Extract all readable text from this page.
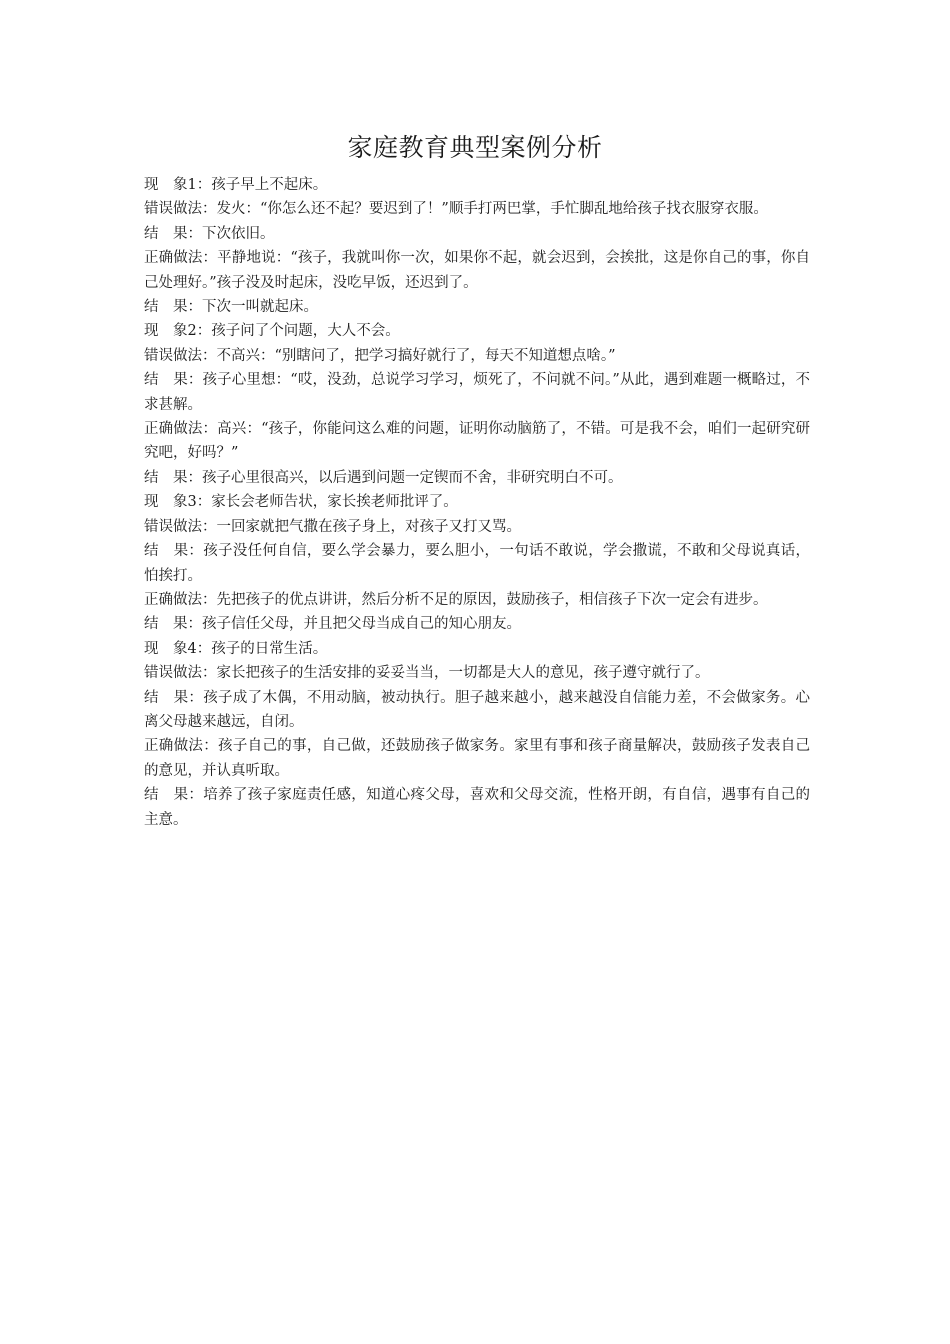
家庭教育典型案例分析

现　象1：孩子早上不起床。

错误做法：发火：“你怎么还不起？要迟到了！”顺手打两巴掌，手忙脚乱地给孩子找衣服穿衣服。

结　果：下次依旧。

正确做法：平静地说：“孩子，我就叫你一次，如果你不起，就会迟到，会挨批，这是你自己的事，你自己处理好。”孩子没及时起床，没吃早饭，还迟到了。

结　果：下次一叫就起床。

现　象2：孩子问了个问题，大人不会。

错误做法：不高兴：“别瞎问了，把学习搞好就行了，每天不知道想点啥。”

结　果：孩子心里想：“哎，没劲，总说学习学习，烦死了，不问就不问。”从此，遇到难题一概略过，不求甚解。

正确做法：高兴：“孩子，你能问这么难的问题，证明你动脑筋了，不错。可是我不会，咱们一起研究研究吧，好吗？”

结　果：孩子心里很高兴，以后遇到问题一定锲而不舍，非研究明白不可。

现　象3：家长会老师告状，家长挨老师批评了。

错误做法：一回家就把气撒在孩子身上，对孩子又打又骂。

结　果：孩子没任何自信，要么学会暴力，要么胆小，一句话不敢说，学会撒谎，不敢和父母说真话，怕挨打。

正确做法：先把孩子的优点讲讲，然后分析不足的原因，鼓励孩子，相信孩子下次一定会有进步。

结　果：孩子信任父母，并且把父母当成自己的知心朋友。

现　象4：孩子的日常生活。

错误做法：家长把孩子的生活安排的妥妥当当，一切都是大人的意见，孩子遵守就行了。

结　果：孩子成了木偶，不用动脑，被动执行。胆子越来越小，越来越没自信能力差，不会做家务。心离父母越来越远，自闭。

正确做法：孩子自己的事，自己做，还鼓励孩子做家务。家里有事和孩子商量解决，鼓励孩子发表自己的意见，并认真听取。

结　果：培养了孩子家庭责任感，知道心疼父母，喜欢和父母交流，性格开朗，有自信，遇事有自己的主意。
